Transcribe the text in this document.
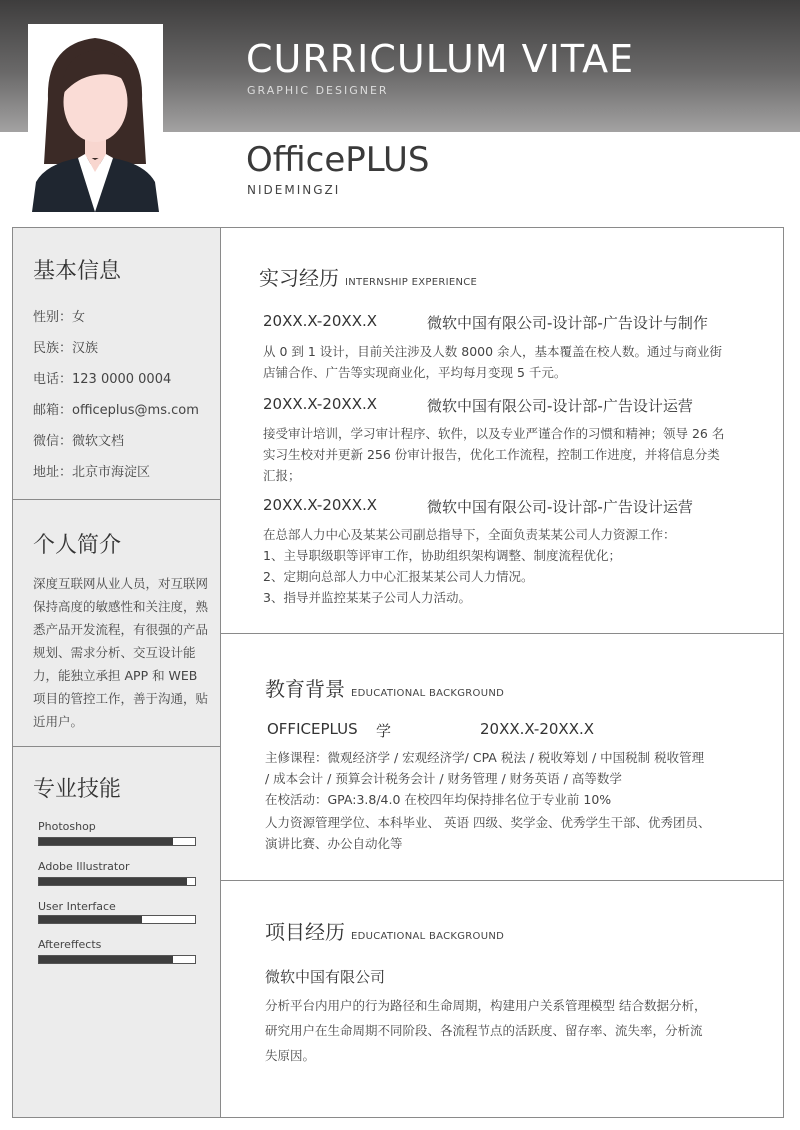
CURRICULUM VITAE
GRAPHIC DESIGNER
OfficePLUS
NIDEMINGZI
基本信息
性别：女
民族：汉族
电话：123 0000 0004
邮箱：officeplus@ms.com
微信：微软文档
地址：北京市海淀区
个人简介
深度互联网从业人员，对互联网保持高度的敏感性和关注度，熟悉产品开发流程，有很强的产品规划、需求分析、交互设计能力，能独立承担 APP 和 WEB 项目的管控工作，善于沟通，贴近用户。
专业技能
Photoshop
Adobe Illustrator
User Interface
Aftereffects
实习经历 INTERNSHIP EXPERIENCE
20XX.X-20XX.X	微软中国有限公司-设计部-广告设计与制作
从 0 到 1 设计，目前关注涉及人数 8000 余人，基本覆盖在校人数。通过与商业街
店铺合作、广告等实现商业化，平均每月变现 5 千元。
20XX.X-20XX.X	微软中国有限公司-设计部-广告设计运营
接受审计培训，学习审计程序、软件，以及专业严谨合作的习惯和精神；领导 26 名
实习生校对并更新 256 份审计报告，优化工作流程，控制工作进度，并将信息分类
汇报；
20XX.X-20XX.X	微软中国有限公司-设计部-广告设计运营
在总部人力中心及某某公司副总指导下，全面负责某某公司人力资源工作：
1、主导职级职等评审工作，协助组织架构调整、制度流程优化；
2、定期向总部人力中心汇报某某公司人力情况。
3、指导并监控某某子公司人力活动。
教育背景 EDUCATIONAL BACKGROUND
OFFICEPLUS 学	20XX.X-20XX.X
主修课程：微观经济学 / 宏观经济学/ CPA 税法 / 税收筹划 / 中国税制 税收管理
/ 成本会计 / 预算会计税务会计 / 财务管理 / 财务英语 / 高等数学
在校活动：GPA:3.8/4.0 在校四年均保持排名位于专业前 10%
人力资源管理学位、本科毕业、 英语 四级、奖学金、优秀学生干部、优秀团员、
演讲比赛、办公自动化等
项目经历 EDUCATIONAL BACKGROUND
微软中国有限公司
分析平台内用户的行为路径和生命周期，构建用户关系管理模型 结合数据分析，
研究用户在生命周期不同阶段、各流程节点的活跃度、留存率、流失率，分析流
失原因。
